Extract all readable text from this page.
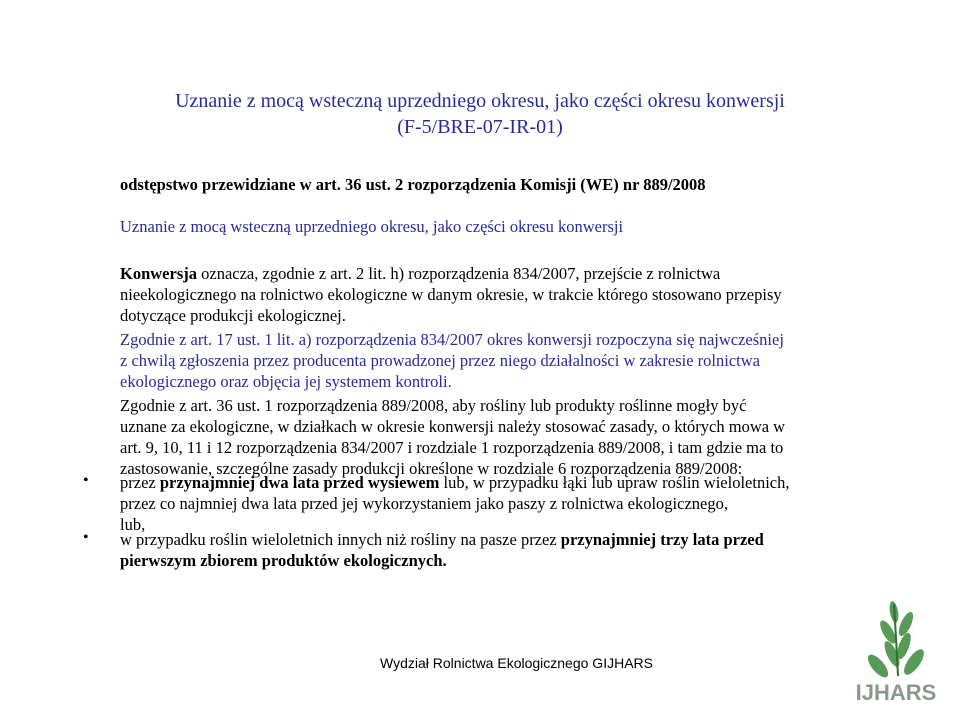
Uznanie z mocą wsteczną uprzedniego okresu, jako części okresu konwersji
(F-5/BRE-07-IR-01)
odstępstwo przewidziane w art. 36 ust. 2 rozporządzenia Komisji (WE) nr 889/2008
Uznanie z mocą wsteczną uprzedniego okresu, jako części okresu konwersji
Konwersja oznacza, zgodnie z art. 2 lit. h) rozporządzenia 834/2007, przejście z rolnictwa
nieekologicznego na rolnictwo ekologiczne w danym okresie, w trakcie którego stosowano przepisy
dotyczące produkcji ekologicznej.
Zgodnie z art. 17 ust. 1 lit. a) rozporządzenia 834/2007 okres konwersji rozpoczyna się najwcześniej
z chwilą zgłoszenia przez producenta prowadzonej przez niego działalności w zakresie rolnictwa
ekologicznego oraz objęcia jej systemem kontroli.
Zgodnie z art. 36 ust. 1 rozporządzenia 889/2008, aby rośliny lub produkty roślinne mogły być
uznane za ekologiczne, w działkach w okresie konwersji należy stosować zasady, o których mowa w
art. 9, 10, 11 i 12 rozporządzenia 834/2007 i rozdziale 1 rozporządzenia 889/2008, i tam gdzie ma to
zastosowanie, szczególne zasady produkcji określone w rozdziale 6 rozporządzenia 889/2008:
• przez przynajmniej dwa lata przed wysiewem lub, w przypadku łąki lub upraw roślin wieloletnich,
przez co najmniej dwa lata przed jej wykorzystaniem jako paszy z rolnictwa ekologicznego,
lub,
• w przypadku roślin wieloletnich innych niż rośliny na pasze przez przynajmniej trzy lata przed
pierwszym zbiorem produktów ekologicznych.
Wydział Rolnictwa Ekologicznego GIJHARS
IJHARS
